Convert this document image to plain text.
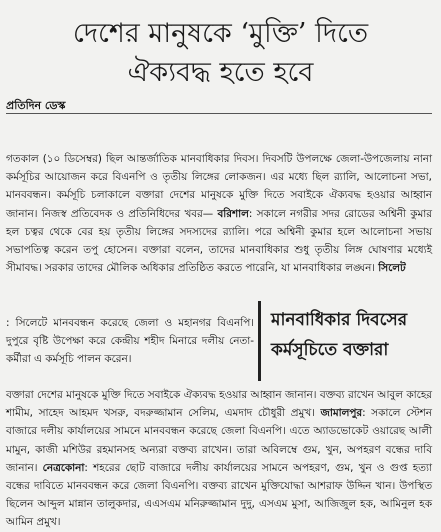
দেশের মানুষকে ‘মুক্তি’ দিতে
ঐক্যবদ্ধ হতে হবে
প্রতিদিন ডেস্ক
গতকাল (১০ ডিসেম্বর) ছিল আন্তর্জাতিক মানবাধিকার দিবস। দিবসটি উপলক্ষে জেলা-উপজেলায় নানা কর্মসূচির আয়োজন করে বিএনপি ও তৃতীয় লিঙ্গের লোকজন। এর মধ্যে ছিল র‌্যালি, আলোচনা সভা, মানববন্ধন। কর্মসূচি চলাকালে বক্তারা দেশের মানুষকে মুক্তি দিতে সবাইকে ঐক্যবদ্ধ হওয়ার আহ্বান জানান। নিজস্ব প্রতিবেদক ও প্রতিনিধিদের খবর— বরিশাল: সকালে নগরীর সদর রোডের অশ্বিনী কুমার হল চত্বর থেকে বের হয় তৃতীয় লিঙ্গের সদস্যদের র‌্যালি। পরে অশ্বিনী কুমার হলে আলোচনা সভায় সভাপতিত্ব করেন তপু হোসেন। বক্তারা বলেন, তাদের মানবাধিকার শুধু তৃতীয় লিঙ্গ ঘোষণার মধ্যেই সীমাবদ্ধ। সরকার তাদের মৌলিক অধিকার প্রতিষ্ঠিত করতে পারেনি, যা মানবাধিকার লঙ্ঘন। সিলেট
: সিলেটে মানববন্ধন করেছে জেলা ও মহানগর বিএনপি। দুপুরে বৃষ্টি উপেক্ষা করে কেন্দ্রীয় শহীদ মিনারে দলীয় নেতা-কর্মীরা এ কর্মসূচি পালন করেন।
মানবাধিকার দিবসের
কর্মসূচিতে বক্তারা
বক্তারা দেশের মানুষকে মুক্তি দিতে সবাইকে ঐক্যবদ্ধ হওয়ার আহ্বান জানান। বক্তব্য রাখেন আবুল কাহের শামীম, সাহেদ আহমদ খসরু, বদরুজ্জামান সেলিম, এমদাদ চৌধুরী প্রমুখ। জামালপুর: সকালে স্টেশন বাজারে দলীয় কার্যালয়ের সামনে মানববন্ধন করেছে জেলা বিএনপি। এতে অ্যাডভোকেট ওয়ারেছ আলী মামুন, কাজী মশিউর রহমানসহ অন্যরা বক্তব্য রাখেন। তারা অবিলম্বে গুম, খুন, অপহরণ বন্ধের দাবি জানান। নেত্রকোনা: শহরের ছোট বাজারে দলীয় কার্যালয়ের সামনে অপহরণ, গুম, খুন ও গুপ্ত হত্যা বন্ধের দাবিতে মানববন্ধন করে জেলা বিএনপি। বক্তব্য রাখেন মুক্তিযোদ্ধা আশরাফ উদ্দিন খান। উপস্থিত ছিলেন আব্দুল মান্নান তালুকদার, এএসএম মনিরুজ্জামান দুদু, এসএম মুসা, আজিজুল হক, আমিনুল হক আমিন প্রমুখ।
